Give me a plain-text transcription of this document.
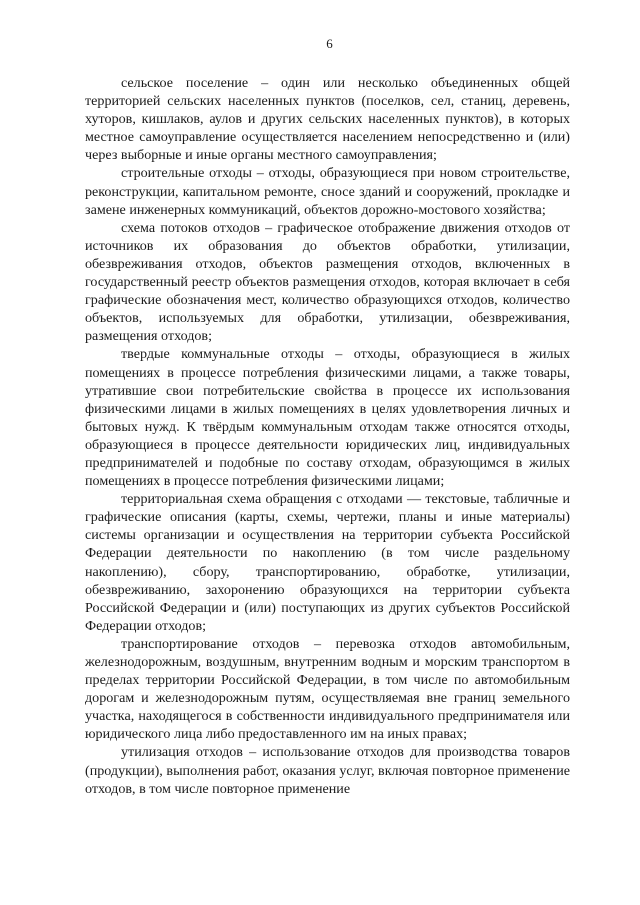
6

сельское поселение – один или несколько объединенных общей территорией сельских населенных пунктов (поселков, сел, станиц, деревень, хуторов, кишлаков, аулов и других сельских населенных пунктов), в которых местное самоуправление осуществляется населением непосредственно и (или) через выборные и иные органы местного самоуправления;

строительные отходы – отходы, образующиеся при новом строительстве, реконструкции, капитальном ремонте, сносе зданий и сооружений, прокладке и замене инженерных коммуникаций, объектов дорожно-мостового хозяйства;

схема потоков отходов – графическое отображение движения отходов от источников их образования до объектов обработки, утилизации, обезвреживания отходов, объектов размещения отходов, включенных в государственный реестр объектов размещения отходов, которая включает в себя графические обозначения мест, количество образующихся отходов, количество объектов, используемых для обработки, утилизации, обезвреживания, размещения отходов;

твердые коммунальные отходы – отходы, образующиеся в жилых помещениях в процессе потребления физическими лицами, а также товары, утратившие свои потребительские свойства в процессе их использования физическими лицами в жилых помещениях в целях удовлетворения личных и бытовых нужд. К твёрдым коммунальным отходам также относятся отходы, образующиеся в процессе деятельности юридических лиц, индивидуальных предпринимателей и подобные по составу отходам, образующимся в жилых помещениях в процессе потребления физическими лицами;

территориальная схема обращения с отходами — текстовые, табличные и графические описания (карты, схемы, чертежи, планы и иные материалы) системы организации и осуществления на территории субъекта Российской Федерации деятельности по накоплению (в том числе раздельному накоплению), сбору, транспортированию, обработке, утилизации, обезвреживанию, захоронению образующихся на территории субъекта Российской Федерации и (или) поступающих из других субъектов Российской Федерации отходов;

транспортирование отходов – перевозка отходов автомобильным, железнодорожным, воздушным, внутренним водным и морским транспортом в пределах территории Российской Федерации, в том числе по автомобильным дорогам и железнодорожным путям, осуществляемая вне границ земельного участка, находящегося в собственности индивидуального предпринимателя или юридического лица либо предоставленного им на иных правах;

утилизация отходов – использование отходов для производства товаров (продукции), выполнения работ, оказания услуг, включая повторное применение отходов, в том числе повторное применение
